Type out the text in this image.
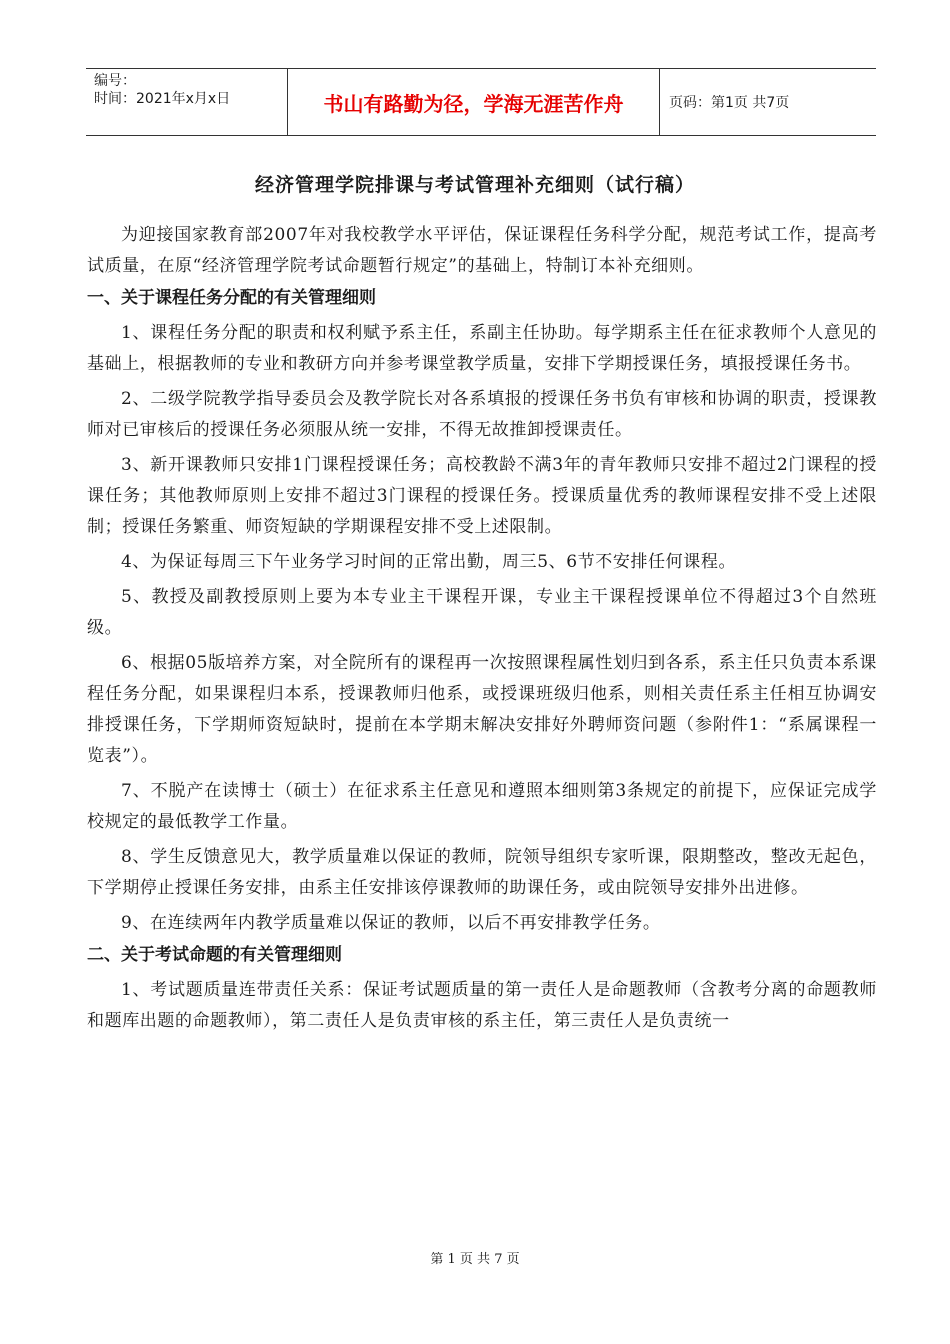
编号：
时间：2021年x月x日	书山有路勤为径，学海无涯苦作舟	页码：第1页 共7页
经济管理学院排课与考试管理补充细则（试行稿）

为迎接国家教育部2007年对我校教学水平评估，保证课程任务科学分配，规范考试工作，提高考试质量，在原“经济管理学院考试命题暂行规定”的基础上，特制订本补充细则。

一、关于课程任务分配的有关管理细则

1、课程任务分配的职责和权利赋予系主任，系副主任协助。每学期系主任在征求教师个人意见的基础上，根据教师的专业和教研方向并参考课堂教学质量，安排下学期授课任务，填报授课任务书。

2、二级学院教学指导委员会及教学院长对各系填报的授课任务书负有审核和协调的职责，授课教师对已审核后的授课任务必须服从统一安排，不得无故推卸授课责任。

3、新开课教师只安排1门课程授课任务；高校教龄不满3年的青年教师只安排不超过2门课程的授课任务；其他教师原则上安排不超过3门课程的授课任务。授课质量优秀的教师课程安排不受上述限制；授课任务繁重、师资短缺的学期课程安排不受上述限制。

4、为保证每周三下午业务学习时间的正常出勤，周三5、6节不安排任何课程。

5、教授及副教授原则上要为本专业主干课程开课，专业主干课程授课单位不得超过3个自然班级。

6、根据05版培养方案，对全院所有的课程再一次按照课程属性划归到各系，系主任只负责本系课程任务分配，如果课程归本系，授课教师归他系，或授课班级归他系，则相关责任系主任相互协调安排授课任务，下学期师资短缺时，提前在本学期末解决安排好外聘师资问题（参附件1：“系属课程一览表”）。

7、不脱产在读博士（硕士）在征求系主任意见和遵照本细则第3条规定的前提下，应保证完成学校规定的最低教学工作量。

8、学生反馈意见大，教学质量难以保证的教师，院领导组织专家听课，限期整改，整改无起色，下学期停止授课任务安排，由系主任安排该停课教师的助课任务，或由院领导安排外出进修。

9、在连续两年内教学质量难以保证的教师，以后不再安排教学任务。

二、关于考试命题的有关管理细则

1、考试题质量连带责任关系：保证考试题质量的第一责任人是命题教师（含教考分离的命题教师和题库出题的命题教师），第二责任人是负责审核的系主任，第三责任人是负责统一

第 1 页 共 7 页
